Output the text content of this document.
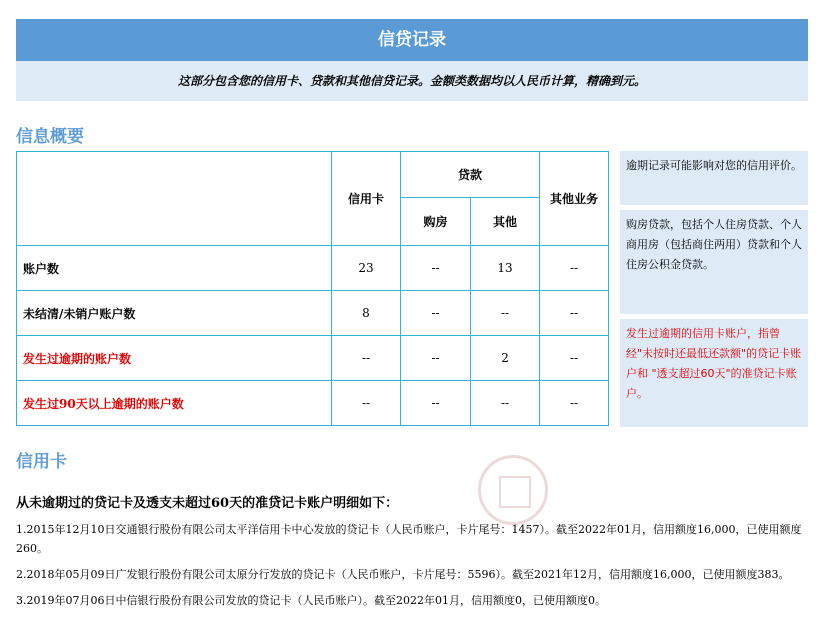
信贷记录
这部分包含您的信用卡、贷款和其他信贷记录。金额类数据均以人民币计算，精确到元。
信息概要
	信用卡	贷款		其他业务
		购房	其他	
账户数	23	--	13	--
未结清/未销户账户数	8	--	--	--
发生过逾期的账户数	--	--	2	--
发生过90天以上逾期的账户数	--	--	--	--
逾期记录可能影响对您的信用评价。
购房贷款，包括个人住房贷款、个人商用房（包括商住两用）贷款和个人住房公积金贷款。
发生过逾期的信用卡账户，指曾经"未按时还最低还款额"的贷记卡账户和 "透支超过60天"的准贷记卡账户。
信用卡
从未逾期过的贷记卡及透支未超过60天的准贷记卡账户明细如下：
1.2015年12月10日交通银行股份有限公司太平洋信用卡中心发放的贷记卡（人民币账户，卡片尾号：1457）。截至2022年01月，信用额度16,000，已使用额度260。
2.2018年05月09日广发银行股份有限公司太原分行发放的贷记卡（人民币账户，卡片尾号：5596）。截至2021年12月，信用额度16,000，已使用额度383。
3.2019年07月06日中信银行股份有限公司发放的贷记卡（人民币账户）。截至2022年01月，信用额度0，已使用额度0。
